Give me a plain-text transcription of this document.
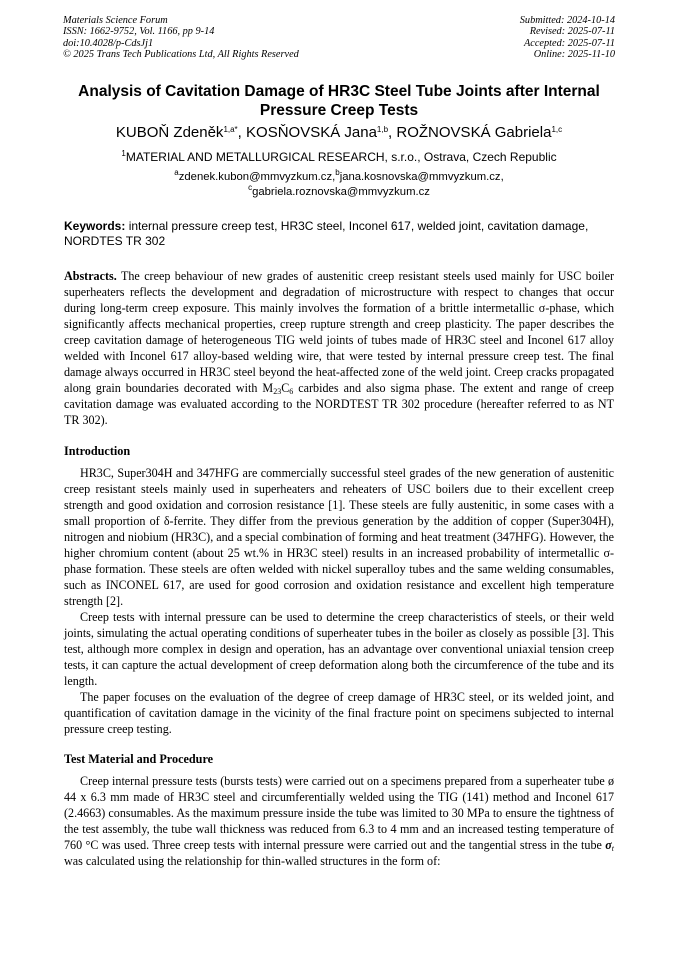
Materials Science Forum
ISSN: 1662-9752, Vol. 1166, pp 9-14
doi:10.4028/p-CdsJj1
© 2025 Trans Tech Publications Ltd, All Rights Reserved
Submitted: 2024-10-14
Revised: 2025-07-11
Accepted: 2025-07-11
Online: 2025-11-10
Analysis of Cavitation Damage of HR3C Steel Tube Joints after Internal Pressure Creep Tests
KUBOŇ Zdeněk$^{1,a*}$, KOSŇOVSKÁ Jana$^{1,b}$, ROŽNOVSKÁ Gabriela$^{1,c}$
$^1$MATERIAL AND METALLURGICAL RESEARCH, s.r.o., Ostrava, Czech Republic
$^a$zdenek.kubon@mmvyzkum.cz,$^b$jana.kosnovska@mmvyzkum.cz,
$^c$gabriela.roznovska@mmvyzkum.cz
Keywords: internal pressure creep test, HR3C steel, Inconel 617, welded joint, cavitation damage, NORDTES TR 302

Abstracts. The creep behaviour of new grades of austenitic creep resistant steels used mainly for USC boiler superheaters reflects the development and degradation of microstructure with respect to changes that occur during long-term creep exposure. This mainly involves the formation of a brittle intermetallic σ-phase, which significantly affects mechanical properties, creep rupture strength and creep plasticity. The paper describes the creep cavitation damage of heterogeneous TIG weld joints of tubes made of HR3C steel and Inconel 617 alloy welded with Inconel 617 alloy-based welding wire, that were tested by internal pressure creep test. The final damage always occurred in HR3C steel beyond the heat-affected zone of the weld joint. Creep cracks propagated along grain boundaries decorated with $M_{23}C_6$ carbides and also sigma phase. The extent and range of creep cavitation damage was evaluated according to the NORDTEST TR 302 procedure (hereafter referred to as NT TR 302).

Introduction

HR3C, Super304H and 347HFG are commercially successful steel grades of the new generation of austenitic creep resistant steels mainly used in superheaters and reheaters of USC boilers due to their excellent creep strength and good oxidation and corrosion resistance [1]. These steels are fully austenitic, in some cases with a small proportion of δ-ferrite. They differ from the previous generation by the addition of copper (Super304H), nitrogen and niobium (HR3C), and a special combination of forming and heat treatment (347HFG). However, the higher chromium content (about 25 wt.% in HR3C steel) results in an increased probability of intermetallic σ-phase formation. These steels are often welded with nickel superalloy tubes and the same welding consumables, such as INCONEL 617, are used for good corrosion and oxidation resistance and excellent high temperature strength [2].

Creep tests with internal pressure can be used to determine the creep characteristics of steels, or their weld joints, simulating the actual operating conditions of superheater tubes in the boiler as closely as possible [3]. This test, although more complex in design and operation, has an advantage over conventional uniaxial tension creep tests, it can capture the actual development of creep deformation along both the circumference of the tube and its length.

The paper focuses on the evaluation of the degree of creep damage of HR3C steel, or its welded joint, and quantification of cavitation damage in the vicinity of the final fracture point on specimens subjected to internal pressure creep testing.

Test Material and Procedure

Creep internal pressure tests (bursts tests) were carried out on a specimens prepared from a superheater tube ø 44 x 6.3 mm made of HR3C steel and circumferentially welded using the TIG (141) method and Inconel 617 (2.4663) consumables. As the maximum pressure inside the tube was limited to 30 MPa to ensure the tightness of the test assembly, the tube wall thickness was reduced from 6.3 to 4 mm and an increased testing temperature of 760 °C was used. Three creep tests with internal pressure were carried out and the tangential stress in the tube $\sigma_t$ was calculated using the relationship for thin-walled structures in the form of:
